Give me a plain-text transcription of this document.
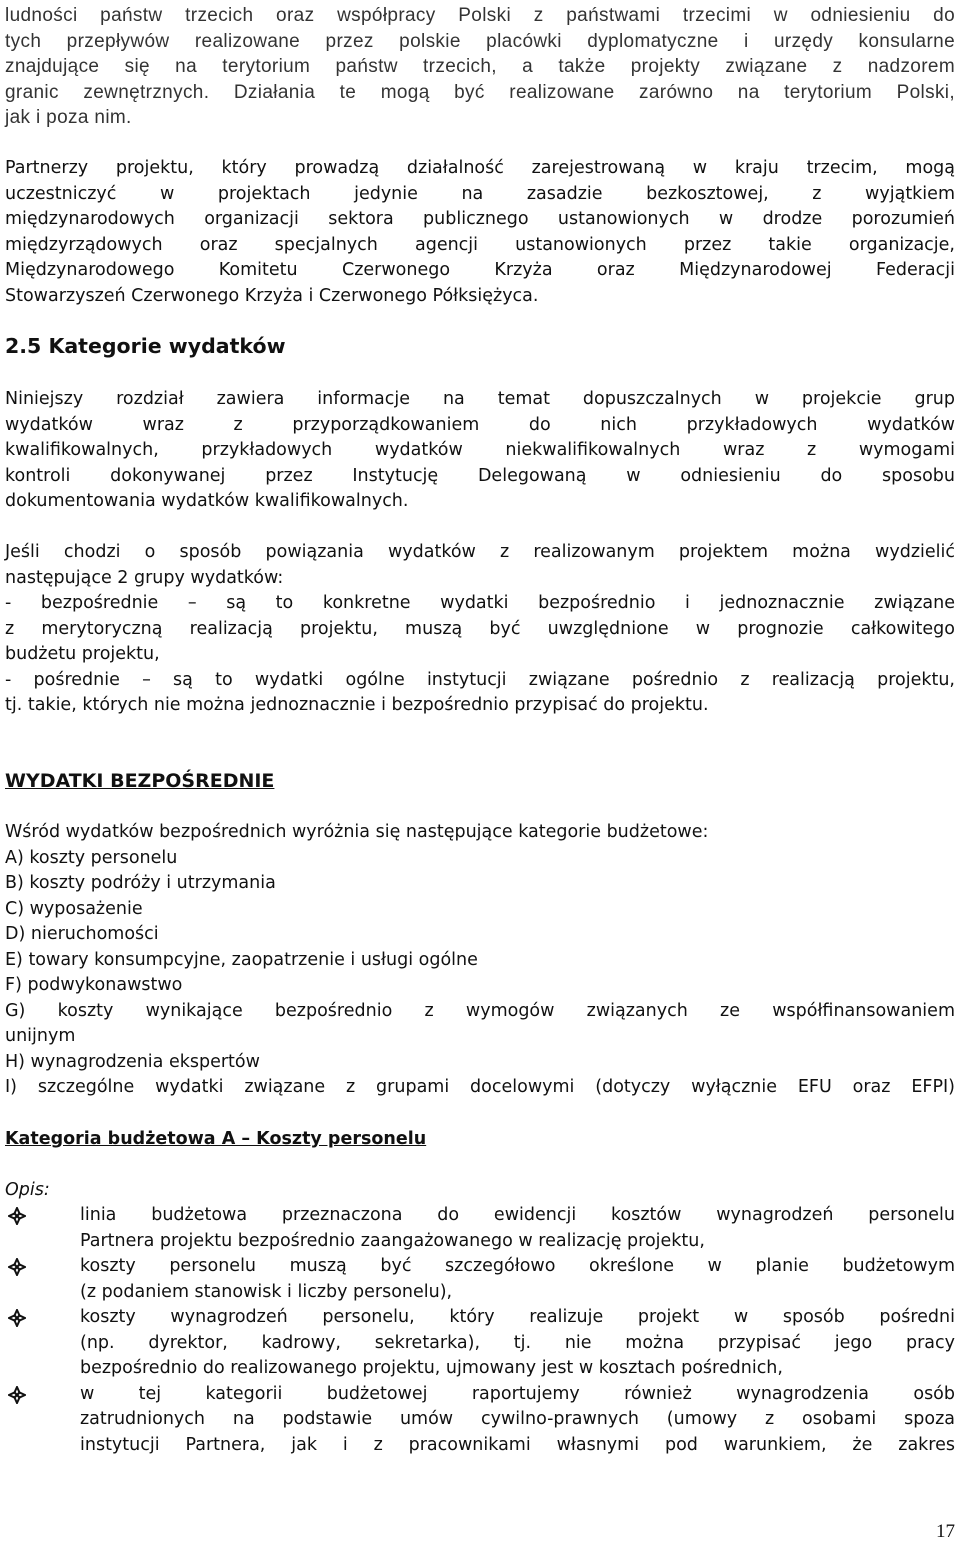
ludności państw trzecich oraz współpracy Polski z państwami trzecimi w odniesieniu do
tych przepływów realizowane przez polskie placówki dyplomatyczne i urzędy konsularne
znajdujące się na terytorium państw trzecich, a także projekty związane z nadzorem
granic zewnętrznych. Działania te mogą być realizowane zarówno na terytorium Polski,
jak i poza nim.
Partnerzy projektu, który prowadzą działalność zarejestrowaną w kraju trzecim, mogą
uczestniczyć w projektach jedynie na zasadzie bezkosztowej, z wyjątkiem
międzynarodowych organizacji sektora publicznego ustanowionych w drodze porozumień
międzyrządowych oraz specjalnych agencji ustanowionych przez takie organizacje,
Międzynarodowego Komitetu Czerwonego Krzyża oraz Międzynarodowej Federacji
Stowarzyszeń Czerwonego Krzyża i Czerwonego Półksiężyca.
2.5 Kategorie wydatków
Niniejszy rozdział zawiera informacje na temat dopuszczalnych w projekcie grup
wydatków wraz z przyporządkowaniem do nich przykładowych wydatków
kwalifikowalnych, przykładowych wydatków niekwalifikowalnych wraz z wymogami
kontroli dokonywanej przez Instytucję Delegowaną w odniesieniu do sposobu
dokumentowania wydatków kwalifikowalnych.
Jeśli chodzi o sposób powiązania wydatków z realizowanym projektem można wydzielić
następujące 2 grupy wydatków:
- bezpośrednie – są to konkretne wydatki bezpośrednio i jednoznacznie związane
z merytoryczną realizacją projektu, muszą być uwzględnione w prognozie całkowitego
budżetu projektu,
- pośrednie – są to wydatki ogólne instytucji związane pośrednio z realizacją projektu,
tj. takie, których nie można jednoznacznie i bezpośrednio przypisać do projektu.
WYDATKI BEZPOŚREDNIE
Wśród wydatków bezpośrednich wyróżnia się następujące kategorie budżetowe:
A) koszty personelu
B) koszty podróży i utrzymania
C) wyposażenie
D) nieruchomości
E) towary konsumpcyjne, zaopatrzenie i usługi ogólne
F) podwykonawstwo
G) koszty wynikające bezpośrednio z wymogów związanych ze współfinansowaniem
unijnym
H) wynagrodzenia ekspertów
I) szczególne wydatki związane z grupami docelowymi (dotyczy wyłącznie EFU oraz EFPI)
Kategoria budżetowa A – Koszty personelu

Opis:

linia budżetowa przeznaczona do ewidencji kosztów wynagrodzeń personelu
Partnera projektu bezpośrednio zaangażowanego w realizację projektu,
koszty personelu muszą być szczegółowo określone w planie budżetowym
(z podaniem stanowisk i liczby personelu),
koszty wynagrodzeń personelu, który realizuje projekt w sposób pośredni
(np. dyrektor, kadrowy, sekretarka), tj. nie można przypisać jego pracy
bezpośrednio do realizowanego projektu, ujmowany jest w kosztach pośrednich,
w tej kategorii budżetowej raportujemy również wynagrodzenia osób
zatrudnionych na podstawie umów cywilno-prawnych (umowy z osobami spoza
instytucji Partnera, jak i z pracownikami własnymi pod warunkiem, że zakres
17
